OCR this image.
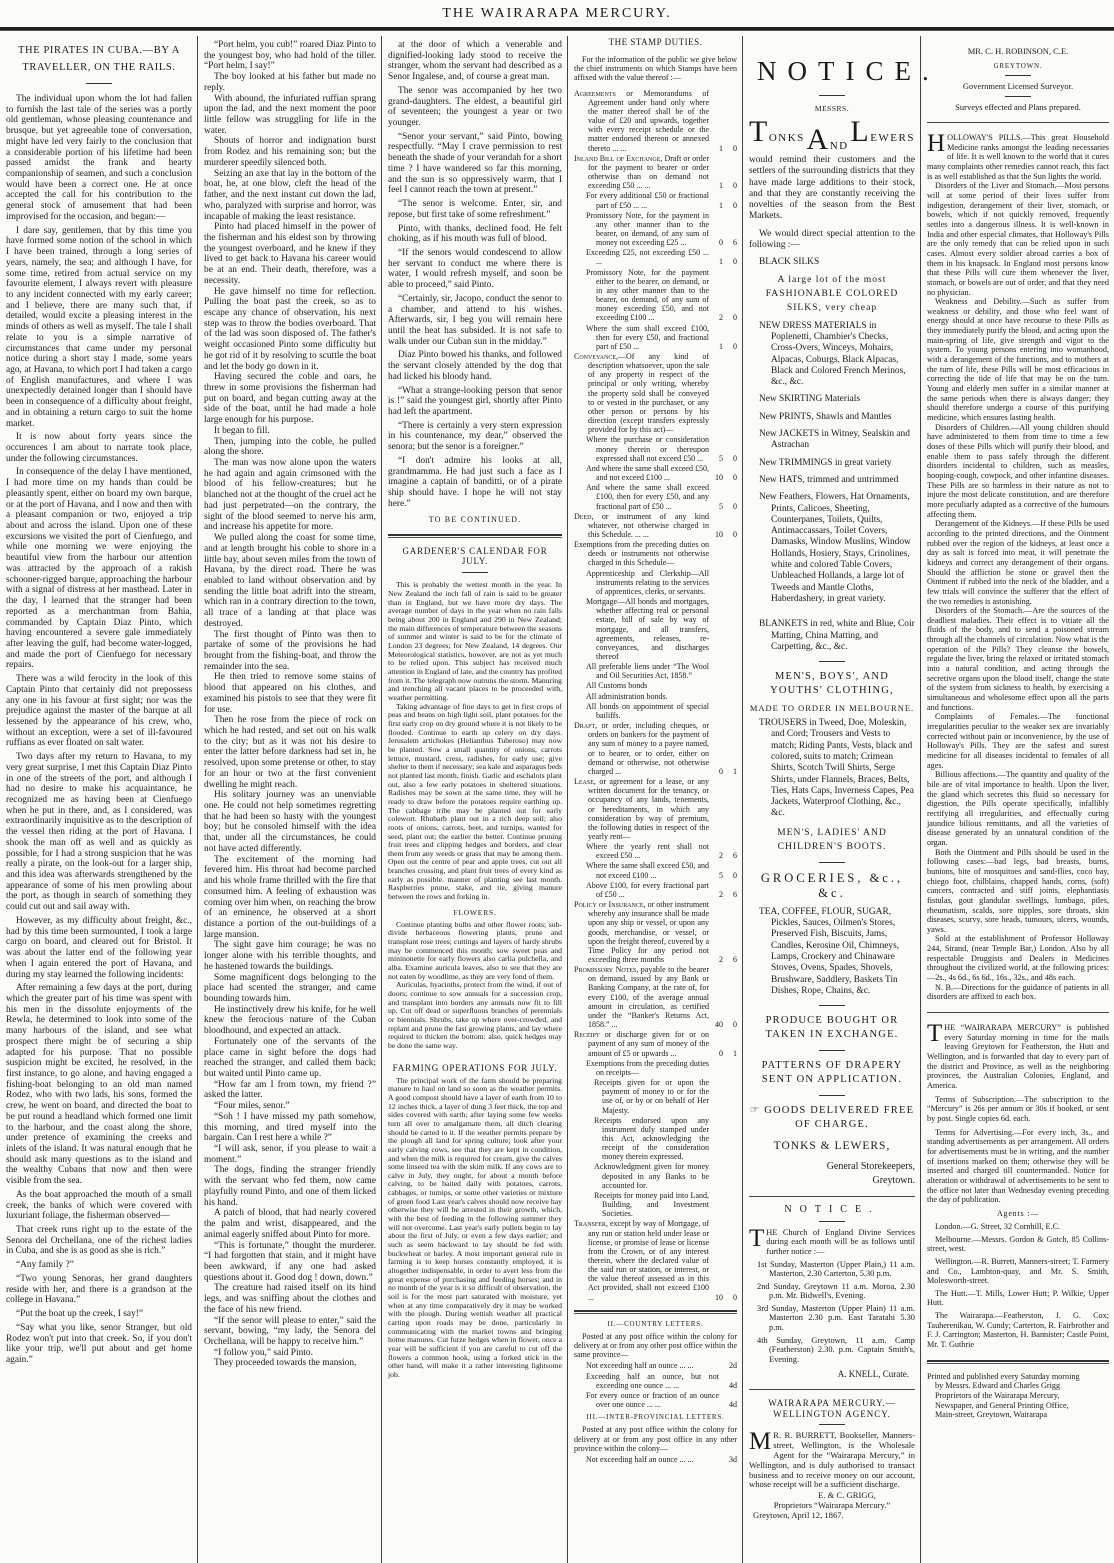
THE WAIRARAPA MERCURY.
THE PIRATES IN CUBA.—BY A TRAVELLER, ON THE RAILS.

The individual upon whom the lot had fallen to furnish the last tale of the series was a portly old gentleman, whose pleasing countenance and brusque, but yet agreeable tone of conversation, might have led very fairly to the conclusion that a considerable portion of his lifetime had been passed amidst the frank and hearty companionship of seamen, and such a conclusion would have been a correct one. He at once accepted the call for his contribution to the general stock of amusement that had been improvised for the occasion, and began:—

I dare say, gentlemen, that by this time you have formed some notion of the school in which I have been trained, through a long series of years, namely, the sea; and although I have, for some time, retired from actual service on my favourite element, I always revert with pleasure to any incident connected with my early career; and I believe, there are many such that, if detailed, would excite a pleasing interest in the minds of others as well as myself. The tale I shall relate to you is a simple narrative of circumstances that came under my personal notice during a short stay I made, some years ago, at Havana, to which port I had taken a cargo of English manufactures, and where I was unexpectedly detained longer than I should have been in consequence of a difficulty about freight, and in obtaining a return cargo to suit the home market.

It is now about forty years since the occurences I am about to narrate took place, under the following circumstances.

In consequence of the delay I have mentioned, I had more time on my hands than could be pleasantly spent, either on board my own barque, or at the port of Havana, and I now and then with a pleasant companion or two, enjoyed a trip about and across the island. Upon one of these excursions we visited the port of Cienfuego, and while one morning we were enjoying the beautiful view from the harbour our attention was attracted by the approach of a rakish schooner-rigged barque, approaching the harbour with a signal of distress at her masthead. Later in the day, I learned that the stranger had been reported as a merchantman from Bahia, commanded by Captain Diaz Pinto, which having encountered a severe gale immediately after leaving the gulf, had become water-logged, and made the port of Cienfuego for necessary repairs.

There was a wild ferocity in the look of this Captain Pinto that certainly did not prepossess any one in his favour at first sight; nor was the prejudice against the master of the barque at all lessened by the appearance of his crew, who, without an exception, were a set of ill-favoured ruffians as ever floated on salt water.

Two days after my return to Havana, to my very great surprise, I met this Captain Diaz Pinto in one of the streets of the port, and although I had no desire to make his acquaintance, he recognized me as having been at Cienfuego when he put in there, and, as I considered, was extraordinarily inquisitive as to the description of the vessel then riding at the port of Havana. I shook the man off as well and as quickly as possible, for I had a strong suspicion that he was really a pirate, on the look-out for a larger ship, and this idea was afterwards strengthened by the appearance of some of his men prowling about the port, as though in search of something they could cut out and sail away with.

However, as my difficulty about freight, &c., had by this time been surmounted, I took a large cargo on board, and cleared out for Bristol. It was about the latter end of the following year when I again entered the port of Havana, and during my stay learned the following incidents:

After remaining a few days at the port, during which the greater part of his time was spent with his men in the dissolute enjoyments of the Rewla, he determined to look into some of the many harbours of the island, and see what prospect there might be of securing a ship adapted for his purpose. That no possible suspicion might be excited, he resolved, in the first instance, to go alone, and having engaged a fishing-boat belonging to an old man named Rodez, who with two lads, his sons, formed the crew, he went on board, and directed the boat to be put round a headland which formed one limit to the harbour, and the coast along the shore, under pretence of examining the creeks and inlets of the island. It was natural enough that he should ask many questions as to the island and the wealthy Cubans that now and then were visible from the sea.

As the boat approached the mouth of a small creek, the banks of which were covered with luxuriant foliage, the fisherman observed—

That creek runs right up to the estate of the Senora del Orchellana, one of the richest ladies in Cuba, and she is as good as she is rich.”

“Any family ?”

“Two young Senoras, her grand daughters reside with her, and there is a grandson at the college in Havana.”

“Put the boat up the creek, I say!”

“Say what you like, senor Stranger, but old Rodez won't put into that creek. So, if you don't like your trip, we'll put about and get home again.”

“Port helm, you cub!” roared Diaz Pinto to the youngest boy, who had hold of the tiller. “Port helm, I say!”

The boy looked at his father but made no reply.

With abound, the infuriated ruffian sprang upon the lad, and the next moment the poor little fellow was struggling for life in the water.

Shouts of horror and indignation burst from Rodez and his remaining son; but the murderer speedily silenced both.

Seizing an axe that lay in the bottom of the boat, he, at one blow, cleft the head of the father, and the next instant cut down the lad, who, paralyzed with surprise and horror, was incapable of making the least resistance.

Pinto had placed himself in the power of the fisherman and his eldest son by throwing the youngest overboard, and he knew if they lived to get back to Havana his career would be at an end. Their death, therefore, was a necessity.

He gave himself no time for reflection. Pulling the boat past the creek, so as to escape any chance of observation, his next step was to throw the bodies overboard. That of the lad was soon disposed of. The father's weight occasioned Pinto some difficulty but he got rid of it by resolving to scuttle the boat and let the body go down in it.

Having secured the coble and oars, he threw in some provisions the fisherman had put on board, and began cutting away at the side of the boat, until he had made a hole large enough for his purpose.

It began to fill.

Then, jumping into the coble, he pulled along the shore.

The man was now alone upon the waters he had again and again crimsoned with the blood of his fellow-creatures; but he blanched not at the thought of the cruel act he had just perpetrated—on the contrary, the sight of the blood seemed to nerve his arm, and increase his appetite for more.

We pulled along the coast for some time, and at length brought his coble to shore in a little bay, about seven miles from the town of Havana, by the direct road. There he was enabled to land without observation and by sending the little boat adrift into the stream, which ran in a contrary direction to the town, all trace of a landing at that place was destroyed.

The first thought of Pinto was then to partake of some of the provisions he had brought from the fishing-boat, and throw the remainder into the sea.

He then tried to remove some stains of blood that appeared on his clothes, and examined his pistols to see that they were fit for use.

Then he rose from the piece of rock on which he had rested, and set out on his walk to the city; but as it was not his desire to enter the latter before darkness had set in, he resolved, upon some pretense or other, to stay for an hour or two at the first convenient dwelling he might reach.

His solitary journey was an unenviable one. He could not help sometimes regretting that he had been so hasty with the youngest boy; but he consoled himself with the idea that, under all the circumstances, he could not have acted differently.

The excitement of the morning had fevered him. His throat had become parched and his whole frame thrilled with the fire that consumed him. A feeling of exhaustion was coming over him when, on reaching the brow of an eminence, he observed at a short distance a portion of the out-buildings of a large mansion.

The sight gave him courage; he was no longer alone with his terrible thoughts, and he hastened towards the buildings.

Some magnificent dogs belonging to the place had scented the stranger, and came bounding towards him.

He instinctively drew his knife, for he well knew the ferocious nature of the Cuban bloodhound, and expected an attack.

Fortunately one of the servants of the place came in sight before the dogs had reached the stranger, and called them back; but waited until Pinto came up.

“How far am I from town, my friend ?” asked the latter.

“Four miles, senor.”

“Soh ! I have missed my path somehow, this morning, and tired myself into the bargain. Can I rest here a while ?”

“I will ask, senor, if you please to wait a moment.”

The dogs, finding the stranger friendly with the servant who fed them, now came playfully round Pinto, and one of them licked his hand.

A patch of blood, that had nearly covered the palm and wrist, disappeared, and the animal eagerly sniffed about Pinto for more.

“This is fortunate,” thought the murderer. “I had forgotten that stain, and it might have been awkward, if any one had asked questions about it. Good dog ! down, down.”

The creature had raised itself on its hind legs, and was sniffing about the clothes and the face of his new friend.

“If the senor will please to enter,” said the servant, bowing, “my lady, the Senora del Orchellana, will be happy to receive him.”

“I follow you,” said Pinto.

They proceeded towards the mansion,

at the door of which a venerable and dignified-looking lady stood to receive the stranger, whom the servant had described as a Senor Ingalese, and, of course a great man.

The senor was accompanied by her two grand-daughters. The eldest, a beautiful girl of seventeen; the youngest a year or two younger.

“Senor your servant,” said Pinto, bowing respectfully. “May I crave permission to rest beneath the shade of your verandah for a short time ? I have wandered so far this morning, and the sun is so oppressively warm, that I feel I cannot reach the town at present.”

“The senor is welcome. Enter, sir, and repose, but first take of some refreshment.”

Pinto, with thanks, declined food. He felt choking, as if his mouth was full of blood.

“If the senors would condescend to allow her servant to conduct me where there is water, I would refresh myself, and soon be able to proceed,” said Pinto.

“Certainly, sir, Jacopo, conduct the senor to a chamber, and attend to his wishes. Afterwards, sir, I beg you will remain here until the heat has subsided. It is not safe to walk under our Cuban sun in the midday.”

Diaz Pinto bowed his thanks, and followed the servant closely attended by the dog that had licked his bloody hand.

“What a strange-looking person that senor is !” said the youngest girl, shortly after Pinto had left the apartment.

“There is certainly a very stern expression in his countenance, my dear,” observed the senora; but the senor is a foreigner.”

“I don't admire his looks at all, grandmamma. He had just such a face as I imagine a captain of banditti, or of a pirate ship should have. I hope he will not stay here.”

TO BE CONTINUED.
GARDENER'S CALENDAR FOR JULY.

This is probably the wettest month in the year. In New Zealand the inch fall of rain is said to be greater than in England, but we have more dry days. The average number of days in the year when no rain falls being about 200 in England and 290 in New Zealand; the main differences of temperature between the seasons of summer and winter is said to be for the climate of London 23 degrees; for New Zealand, 14 degrees. Our Meteorological statistics, however, are not as yet much to be relied upon. This subject has received much attention in England of late, and the country has profited from it. The telegraph now outruns the storm. Manuring and trenching all vacant places to be proceeded with, weather permitting.

Taking advantage of fine days to get in first crops of peas and beans on high light soil, plant potatoes for the first early crop on dry ground where it is not likely to be flooded. Continue to earth up celery on dry days. Jerusalem artichokes (Helianthus Tuberoso) may now be planted. Sow a small quantity of onions, carrots lettuce, mustard, cress, radishes, for early use; give shelter to them if necessary; sea kale and asparagus beds not planted last month, finish. Garlic and eschalots plant out, also a few early potatoes in sheltered situations. Radishes may be sown at the same time, they will be ready to draw before the potatoes require earthing up. The cabbage tribe may be planted out for early colewort. Rhubarb plant out in a rich deep soil; also roots of onions, carrots, beet, and turnips, wanted for seed, plant out; the earlier the better. Continue pruning fruit trees and clipping hedges and borders, and clear them from any weeds or grass that may be among them. Open out the centre of pear and apple trees, cut out all branches crossing, and plant fruit trees of every kind as early as possible. manner of planting see last month. Raspberries prune, stake, and tie, giving manure between the rows and forking in.

FLOWERS.

Continue planting bulbs and other flower roots; sub-divide herbaceous flowering plants, prune and transplant rose trees; cuttings and layers of hardy shrubs may be commenced this month; sow sweet peas and mininonette for early flowers also carlia pulchella, and alba. Examine auricula leaves, also to see that they are not eaten by woodlime, as they are very fond of them.

Auriculas, hyacinths, protect from the wind, if out of doors; continue to sow annuals for a succession crop, and transplant into borders any annuals now fit to fill up. Cut off dead or superfluous branches of perennials or biennials. Shrubs, take up where over-crowded, and replant and prune the fast growing plants, and lay where required to thicken the bottom: also, quick hedges may be done the same way.

FARMING OPERATIONS FOR JULY.

The principal work of the farm should be preparing manure to haul on land so soon as the weather permits. A good compost should have a layer of earth from 10 to 12 inches thick, a layer of dung 3 feet thick, the top and sides covered with earth; after laying some few weeks turn all over to amalgamate them, all ditch clearing should be carted to it. If the weather permits prepare by the plough all land for spring culture; look after your early calving cows, see that they are kept in condition, and when the milk is required for cream, give the calves some linseed tea with the skim milk. If any cows are to calve in July, they ought, for about a month before calving, to be baited daily with potatoes, carrots, cabbages, or turnips, or some other varieties or mixture of green food Last year's calves should now receive hay otherwise they will be arrested in their growth, which, with the best of feeding in the following summer they will not overcome. Last year's early pullets begin to lay about the first of July, or even a few days earlier; and such as seem backward to lay should be fed with buckwheat or barley. A most important general rule in farming is to keep horses constantly employed, it is altogether indispensable, in order to avert less from the great expense of purchasing and feeding horses; and in no month of the year is it so difficult of observation, the soil is for the most part saturated with moisture, yet when at any time comparatively dry it may be worked with the plough. During wettish weather all practical carting upon roads may be done, particularly in communicating with the market towns and bringing home manures. Cut furze hedges when in flower, once a year will be sufficient if you are careful to cut off the flowers a common hook, using a forked stick in the other hand, will make it a rather interesting lightsome job.

THE STAMP DUTIES.
For the information of the public we give below the chief instruments on which Stamps have been affixed with the value thereof :—
Agreements or Memorandums of Agreement under hand only where the matter thereof shall be of the value of £20 and upwards, together with every receipt schedule or the matter endorsed thereon or annexed thereto ... ...	1	0
Inland Bill of Exchange, Draft or order for the payment to bearer or order otherwise than on demand not exceeding £50 ... ...	1	0
For every additional £50 or fractional part of £50 ... ...	1	0
Promissory Note, for the payment in any other manner than to the bearer, on demand, of any sum of money not exceeding £25 ...	0	6
Exceeding £25, not exceeding £50 ... ...	1	0
Promissory Note, for the payment either to the bearer, on demand, or in any other manner than to the bearer, on demand, of any sum of money exceeding £50, and not exceeding £100 ...	2	0
Where the sum shall exceed £100, then for every £50, and fractional part of £50 ...	1	0
Conveyance,—Of any kind of description whatsoever, upon the sale of any property in respect of the principal or only writing, whereby the property sold shall be conveyed to or vested in the purchaser, or any other person or persons by his direction (except transfers expressly provided for by this act)—
Where the purchase or consideration money therein or thereupon expressed shall not exceed £50 ...	5	0
And where the same shall exceed £50, and not exceed £100 ...	10	0
And where the same shall exceed £100, then for every £50, and any fractional part of £50 ...	5	0
Deed, or instrument of any kind whatever, not otherwise charged in this Schedule. ... ...	10	0
Exemptions from the preceding duties on deeds or instruments not otherwise charged in this Schedule—
Apprenticeship and Clerkship—All instruments relating to the services of apprentices, clerks, or servants.
Mortgage—All bonds and mortgages, whether affecting real or personal estate, bill of sale by way of mortgage, and all transfers, agreements, releases, re-conveyances, and discharges thereof
All preferable liens under “The Wool and Oil Securities Act, 1858.”
All Customs bonds
All administration bonds.
All bonds on appointment of special bailiffs.
Draft, or order, including cheques, or orders on bankers for the payment of any sum of money to a payee named, or to bearer, or to order, either on demand or otherwise, not otherwise charged ...	0	1
Lease, or agreement for a lease, or any written document for the tenancy, or occupancy of any lands, tenements, or hereditaments, in which any consideration by way of premium, the following duties in respect of the yearly rent—
Where the yearly rent shall not exceed £50 ...	2	6
Where the same shall exceed £50, and not exceed £100 ...	5	0
Above £100, for every fractional part of £50 ...	2	6
Policy of Insurance, or other instrument whereby any insurance shall be made upon any ship or vessel, or upon any goods, merchandise, or vessel, or upon the freight thereof, covered by a Time Policy for any period not exceeding three months	2	6
Promissory Notes, payable to the bearer on demand, issued by any Bank or Banking Company, at the rate of, for every £100, of the average annual amount in circulation, as certified under the “Banker's Returns Act, 1858.” ...	40	0
Receipt or discharge given for or on payment of any sum of money of the amount of £5 or upwards ...	0	1
Exemptions from the preceding duties on receipts—
Receipts given for or upon the payment of money to or for the use of, or by or on behalf of Her Majesty.
Receipts endorsed upon any instrument duly stamped under this Act, acknowledging the receipt of the consideration money therein expressed.
Acknowledgment given for money deposited in any Banks to be accounted for.
Receipts for money paid into Land, Building, and Investment Societies.
Transfer, except by way of Mortgage, of any run or station held under lease or license, or promise of lease or license from the Crown, or of any interest therein, where the declared value of the said run or station, or interest, or the value thereof assessed as in this Act provided, shall not exceed £100 ...	10	0
II.—COUNTRY LETTERS.
Posted at any post office within the colony for delivery at or from any other post office within the same province—
Not exceeding half an ounce ... ...	2d
Exceeding half an ounce, but not exceeding one ounce ... ...	4d
For every ounce or fraction of an ounce over one ounce ... ...	4d
III.—INTER-PROVINCIAL LETTERS.
Posted at any post office within the colony for delivery at or from any post office in any other province within the colony—
Not exceeding half an ounce ... ...	3d
NOTICE.
MESSRS.
TONKS AND LEWERS

would remind their customers and the settlers of the surrounding districts that they have made large additions to their stock, and that they are constantly receiving the novelties of the season from the Best Markets.

We would direct special attention to the following :—

BLACK SILKS
A large lot of the most FASHIONABLE COLORED SILKS, very cheap
NEW DRESS MATERIALS in Poplenetti, Chambier's Checks, Cross-Overs, Winceys, Mohairs, Alpacas, Coburgs, Black Alpacas, Black and Colored French Merinos, &c., &c.
New SKIRTING Materials
New PRINTS, Shawls and Mantles
New JACKETS in Witney, Sealskin and Astrachan
New TRIMMINGS in great variety
New HATS, trimmed and untrimmed
New Feathers, Flowers, Hat Ornaments, Prints, Calicoes, Sheeting, Counterpanes, Toilets, Quilts, Antimaccassars, Toilet Covers, Damasks, Window Muslins, Window Hollands, Hosiery, Stays, Crinolines, white and colored Table Covers, Unbleached Hollands, a large lot of Tweeds and Mantle Cloths, Haberdashery, in great variety.
BLANKETS in red, white and Blue, Coir Matting, China Matting, and Carpetting, &c., &c.
MEN'S, BOYS', AND YOUTHS' CLOTHING,
MADE TO ORDER IN MELBOURNE.
TROUSERS in Tweed, Doe, Moleskin, and Cord; Trousers and Vests to match; Riding Pants, Vests, black and colored, suits to match; Crimean Shirts, Scotch Twill Shirts, Serge Shirts, under Flannels, Braces, Belts, Ties, Hats Caps, Inverness Capes, Pea Jackets, Waterproof Clothing, &c., &c.
MEN'S, LADIES' AND CHILDREN'S BOOTS.
GROCERIES, &c., &c.
TEA, COFFEE, FLOUR, SUGAR, Pickles, Sauces, Oilmen's Stores, Preserved Fish, Biscuits, Jams, Candles, Kerosine Oil, Chimneys, Lamps, Crockery and Chinaware Stoves, Ovens, Spades, Shovels, Brushware, Saddlery, Baskets Tin Dishes, Rope, Chains, &c.
PRODUCE BOUGHT OR TAKEN IN EXCHANGE.
PATTERNS OF DRAPERY SENT ON APPLICATION.
☞ GOODS DELIVERED FREE OF CHARGE.
TONKS & LEWERS,
General Storekeepers,
Greytown.
NOTICE.

THE Church of England Divine Services during each month will be as follows until further notice :—

1st Sunday, Masterton (Upper Plain,) 11 a.m. Masterton, 2.30 Carterton, 5.30 p.m.

2nd Sunday, Greytown 11 a.m. Moroa, 2.30 p.m. Mr. Bidwell's, Evening.

3rd Sunday, Masterton (Upper Plain) 11 a.m. Masterton 2.30 p.m. East Taratahi 5.30 p.m.

4th Sunday, Greytown, 11 a.m. Camp (Featherston) 2.30. p.m. Captain Smith's, Evening.

A. KNELL, Curate.
WAIRARAPA MERCURY.—WELLINGTON AGENCY.

MR. R. BURRETT, Bookseller, Manners-street, Wellington, is the Wholesale Agent for the “Wairarapa Mercury,” in Wellington, and is duly authorised to transact business and to receive money on our account, whose receipt will be a sufficient discharge.

E. & C. GRIGG,
Proprietors “Wairarapa Mercury.”
Greytown, April 12, 1867.
MR. C. H. ROBINSON, C.E.
GREYTOWN.
Government Licensed Surveyor.
Surveys effected and Plans prepared.

HOLLOWAY'S PILLS.—This great Household Medicine ranks amongst the leading necessaries of life. It is well known to the world that it cures many complaints other remedies cannot reach, this fact is as well established as that the Sun lights the world.

Disorders of the Liver and Stomach.—Most persons will at some period of their lives suffer from indigestion, derangement of their liver, stomach, or bowels, which if not quickly removed, frequently settles into a dangerous illness. It is well-known in India and other especial climates, that Holloway's Pills are the only remedy that can be relied upon in such cases. Almost every soldier abroad carries a box of them in his knapsack. In England most persons know that these Pills will cure them whenever the liver, stomach, or bowels are out of order, and that they need no physician.

Weakness and Debility.—Such as suffer from weakness or debility, and those who feel want of energy should at once have recourse to these Pills as they immediately purify the blood, and acting upon the main-spring of life, give strength and vigor to the system. To young persons entering into womanhood, with a derangement of the functions, and to mothers at the turn of life, these Pills will be most efficacious in correcting the tide of life that may be on the turn. Young and elderly men suffer in a similar manner at the same periods when there is always danger; they should therefore undergo a course of this purifying medicine, which ensures lasting health.

Disorders of Children.—All young children should have administered to them from time to time a few doses of these Pills which will purify their blood, and enable them to pass safely through the different disorders incidental to children, such as measles, hooping-cough, cowpock, and other infantine diseases. These Pills are so harmless in their nature as not to injure the most delicate constitution, and are therefore more peculiarly adapted as a corrective of the humours affecting them.

Derangement of the Kidneys.—If these Pills be used according to the printed directions, and the Ointment rubbed over the region of the kidneys, at least once a day as salt is forced into meat, it will penetrate the kidneys and correct any derangement of their organs. Should the affliction be stone or gravel then the Ointment if rubbed into the neck of the bladder, and a few trials will convince the sufferer that the effect of the two remedies is astonishing.

Disorders of the Stomach.—Are the sources of the deadliest maladies. Their effect is to vitiate all the fluids of the body, and to send a poisoned stream through all the channels of circulation. Now what is the operation of the Pills? They cleanse the bowels, regulate the liver, bring the relaxed or irritated stomach into a natural condition, and acting through the secretive organs upon the blood itself, change the state of the system from sickness to health, by exercising a simultaneous and wholesome effect upon all the parts and functions.

Complaints of Females.—The functional irregularities peculiar to the weaker sex are invariably corrected without pain or inconvenience, by the use of Holloway's Pills. They are the safest and surest medicine for all diseases incidental to females of all ages.

Billious affections.—The quantity and quality of the bile are of vital importance to health. Upon the liver, the gland which secretes this fluid so necessary for digestion, the Pills operate specifically, infallibly rectifying all irregularities, and effectually curing jaundice bilious remittants, and all the varieties of disease generated by an unnatural condition of the organ.

Both the Ointment and Pills should be used in the following cases:—bad legs, bad breasts, burns, bunions, bite of mosquitoes and sand-flies, coco bay, chiego foot, chilblains, chapped hands, corns, (soft) cancers, contracted and stiff joints, elephantiasis fistulas, gout glandular swellings, lumbago, piles, rheumatism, scalds, sore nipples, sore throats, skin diseases, scurvy, sore heads, tumours, ulcers, wounds, yaws.

Sold at the establishment of Professor Holloway 244, Strand, (near Temple Bar,) London. Also by all respectable Druggists and Dealers in Medicines throughout the civilized world, at the following prices:—2s., 4s 6d., 6s 6d., 16s., 32s., and 48s each.

N. B.—Directions for the guidance of patients in all disorders are affixed to each box.

THE “WAIRARAPA MERCURY” is published every Saturday morning in time for the mails leaving Greytown for Featherston, the Hutt and Wellington, and is forwarded that day to every part of the district and Province, as well as the neighboring provinces, the Australian Colonies, England, and America.

Terms of Subscription.—The subscription to the “Mercury” is 26s per annum or 30s if booked, or sent by post. Single copies 6d. each.

Terms for Advertising.—For every inch, 3s., and standing advertisements as per arrangement. All orders for advertisements must be in writing, and the number of insertions marked on them; otherwise they will be inserted and charged till countermanded. Notice for alteration or withdrawal of advertisements to be sent to the office not later than Wednesday evening preceding the day of publication.

Agents :—

London.—G. Street, 32 Cornhill, E.C.

Melbourne.—Messrs. Gordon & Gotch, 85 Collins-street, west.

Wellington.—R. Burrett, Manners-street; T. Farmery and Co., Lambton-quay, and Mr. S. Smith, Molesworth-street.

The Hutt.—T. Mills, Lower Hutt; P. Wilkie, Upper Hutt.

The Wairarapa.—Featherston, J. G. Cox; Tauherenikau, W. Cundy; Carterton, R. Fairbrother and F. J. Carrington; Masterton, H. Bannister; Castle Point, Mr. T. Guthrie

Printed and published every Saturday morning

by Messrs. Edward and Charles Grigg

Proprietors of the Wairarapa Mercury,

Newspaper, and General Printing Office,

Main-street, Greytown, Wairarapa
